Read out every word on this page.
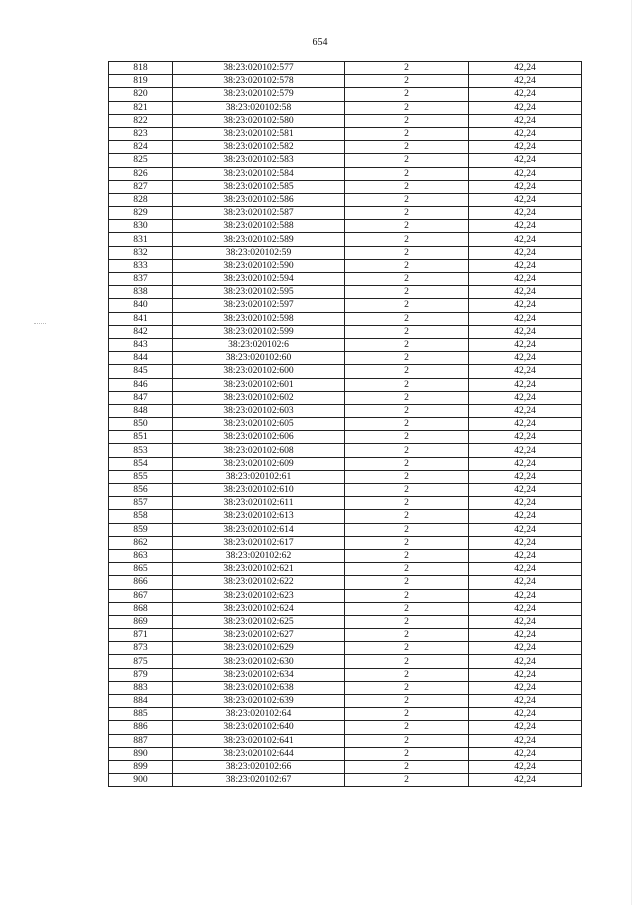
654
818	38:23:020102:577	2	42,24
819	38:23:020102:578	2	42,24
820	38:23:020102:579	2	42,24
821	38:23:020102:58	2	42,24
822	38:23:020102:580	2	42,24
823	38:23:020102:581	2	42,24
824	38:23:020102:582	2	42,24
825	38:23:020102:583	2	42,24
826	38:23:020102:584	2	42,24
827	38:23:020102:585	2	42,24
828	38:23:020102:586	2	42,24
829	38:23:020102:587	2	42,24
830	38:23:020102:588	2	42,24
831	38:23:020102:589	2	42,24
832	38:23:020102:59	2	42,24
833	38:23:020102:590	2	42,24
837	38:23:020102:594	2	42,24
838	38:23:020102:595	2	42,24
840	38:23:020102:597	2	42,24
841	38:23:020102:598	2	42,24
842	38:23:020102:599	2	42,24
843	38:23:020102:6	2	42,24
844	38:23:020102:60	2	42,24
845	38:23:020102:600	2	42,24
846	38:23:020102:601	2	42,24
847	38:23:020102:602	2	42,24
848	38:23:020102:603	2	42,24
850	38:23:020102:605	2	42,24
851	38:23:020102:606	2	42,24
853	38:23:020102:608	2	42,24
854	38:23:020102:609	2	42,24
855	38:23:020102:61	2	42,24
856	38:23:020102:610	2	42,24
857	38:23:020102:611	2	42,24
858	38:23:020102:613	2	42,24
859	38:23:020102:614	2	42,24
862	38:23:020102:617	2	42,24
863	38:23:020102:62	2	42,24
865	38:23:020102:621	2	42,24
866	38:23:020102:622	2	42,24
867	38:23:020102:623	2	42,24
868	38:23:020102:624	2	42,24
869	38:23:020102:625	2	42,24
871	38:23:020102:627	2	42,24
873	38:23:020102:629	2	42,24
875	38:23:020102:630	2	42,24
879	38:23:020102:634	2	42,24
883	38:23:020102:638	2	42,24
884	38:23:020102:639	2	42,24
885	38:23:020102:64	2	42,24
886	38:23:020102:640	2	42,24
887	38:23:020102:641	2	42,24
890	38:23:020102:644	2	42,24
899	38:23:020102:66	2	42,24
900	38:23:020102:67	2	42,24
